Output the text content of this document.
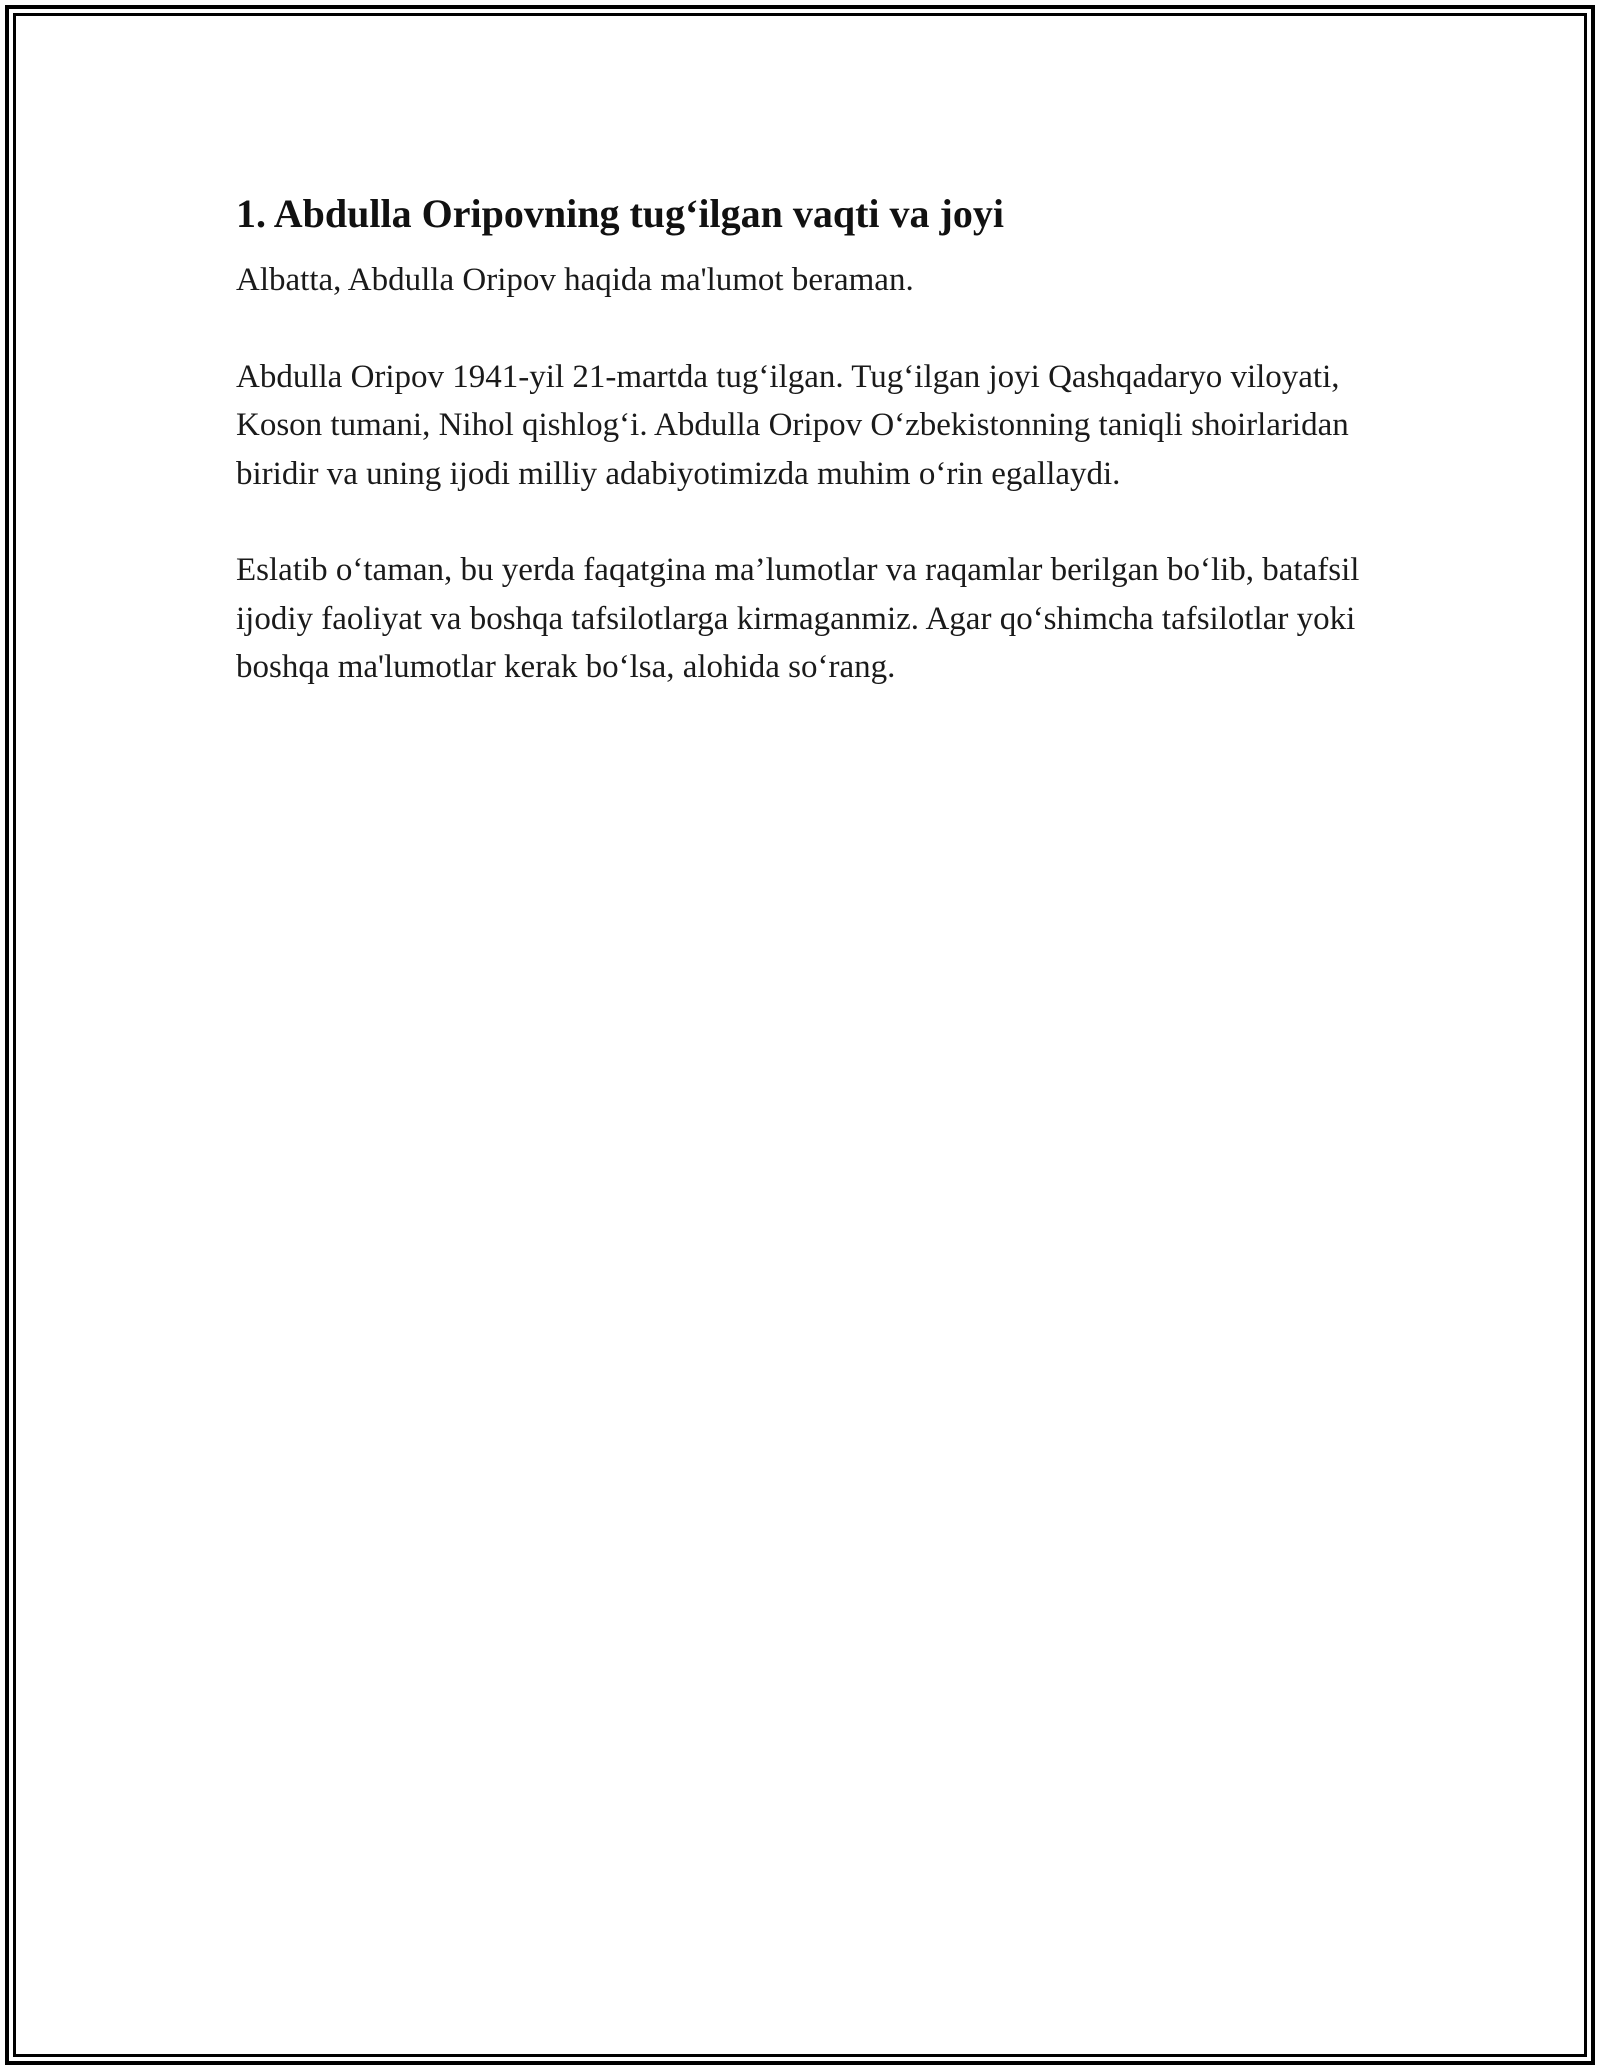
1. Abdulla Oripovning tug‘ilgan vaqti va joyi

Albatta, Abdulla Oripov haqida ma'lumot beraman.

Abdulla Oripov 1941-yil 21-martda tug‘ilgan. Tug‘ilgan joyi Qashqadaryo viloyati, Koson tumani, Nihol qishlog‘i. Abdulla Oripov O‘zbekistonning taniqli shoirlaridan biridir va uning ijodi milliy adabiyotimizda muhim o‘rin egallaydi.

Eslatib o‘taman, bu yerda faqatgina ma’lumotlar va raqamlar berilgan bo‘lib, batafsil ijodiy faoliyat va boshqa tafsilotlarga kirmaganmiz. Agar qo‘shimcha tafsilotlar yoki boshqa ma'lumotlar kerak bo‘lsa, alohida so‘rang.
